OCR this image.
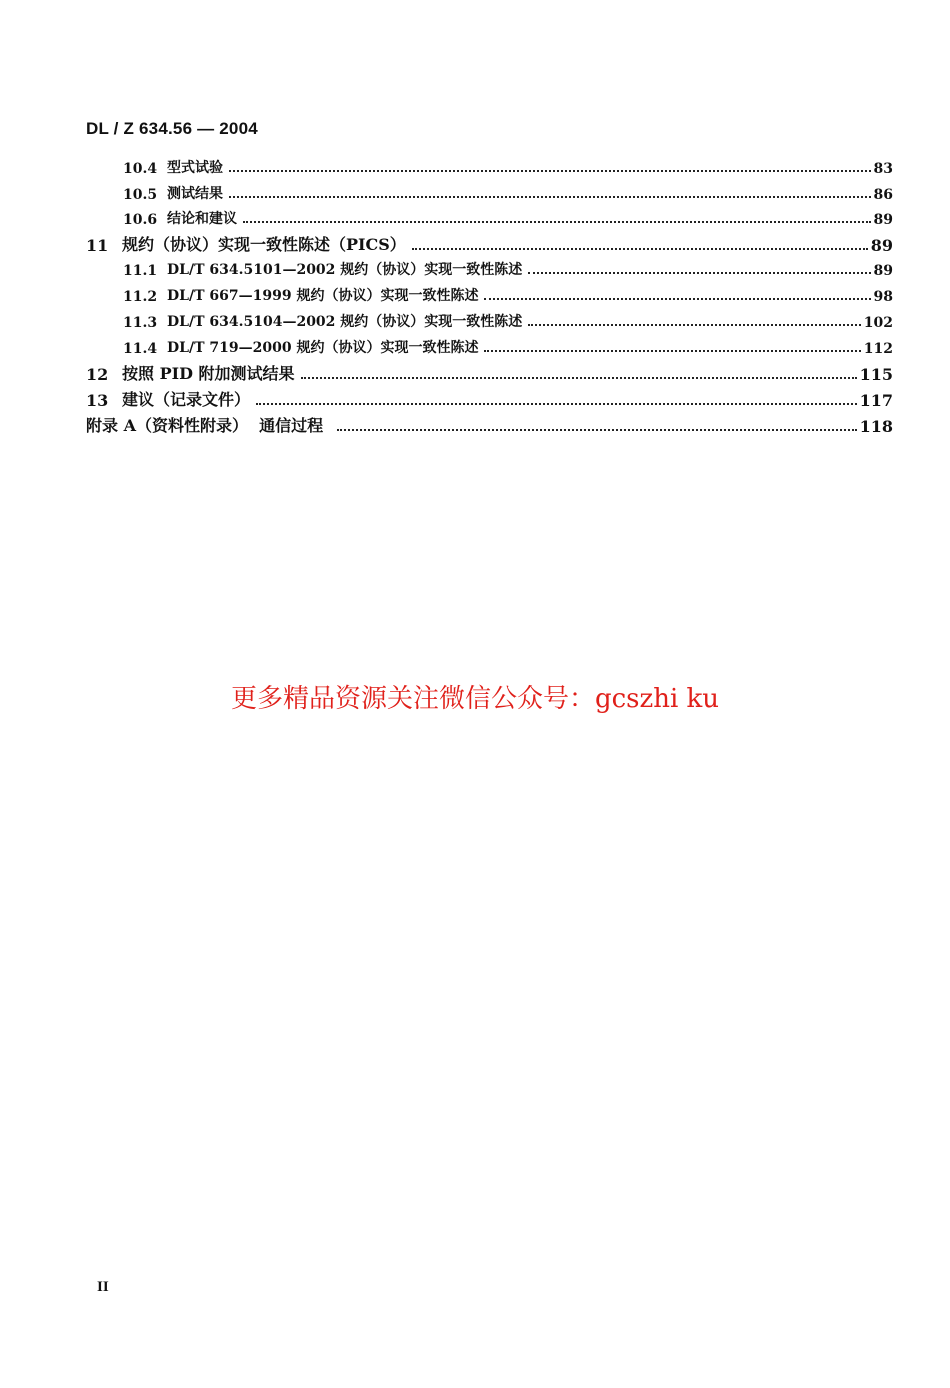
DL / Z 634.56 — 2004
10.4 型式试验	83
10.5 测试结果	86
10.6 结论和建议	89
11 规约（协议）实现一致性陈述（PICS）	89
11.1 DL/T 634.5101—2002 规约（协议）实现一致性陈述	89
11.2 DL/T 667—1999 规约（协议）实现一致性陈述	98
11.3 DL/T 634.5104—2002 规约（协议）实现一致性陈述	102
11.4 DL/T 719—2000 规约（协议）实现一致性陈述	112
12 按照 PID 附加测试结果	115
13 建议（记录文件）	117
附录 A（资料性附录）  通信过程	118
更多精品资源关注微信公众号：gcszhi ku
II
